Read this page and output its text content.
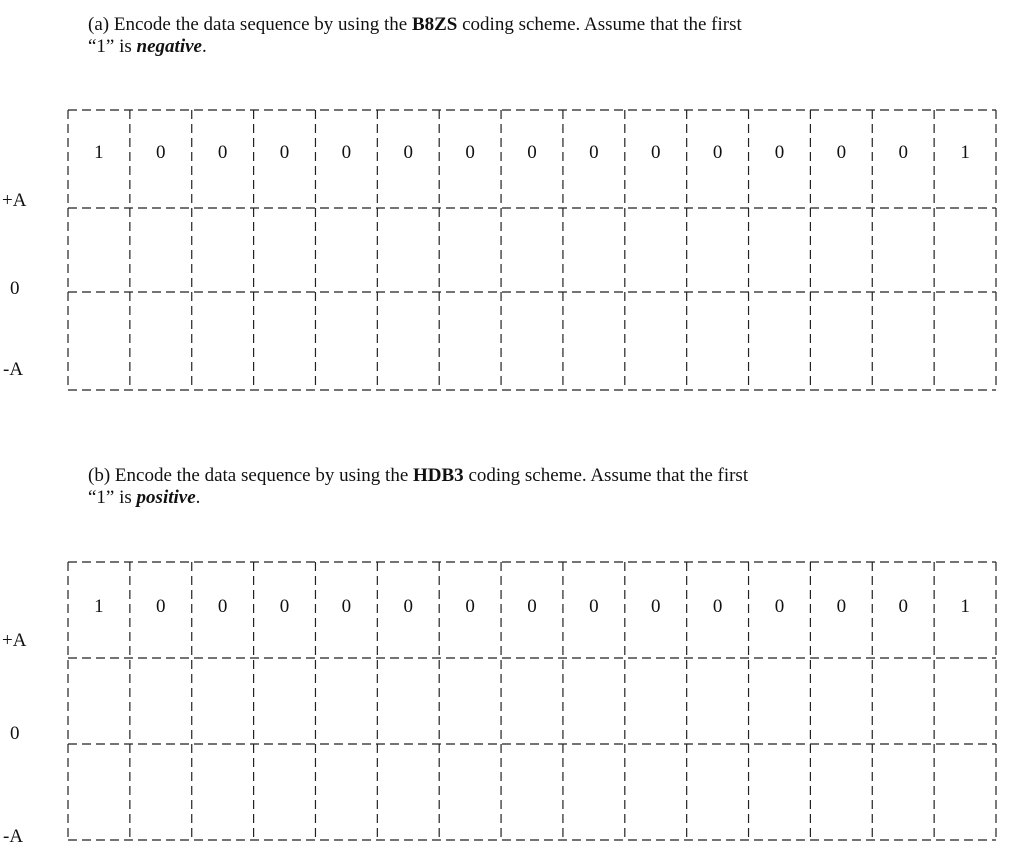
(a) Encode the data sequence by using the B8ZS coding scheme. Assume that the first
“1” is negative.
+A
0
-A
1	0	0	0	0	0	0	0	0	0	0	0	0	0	1
(b) Encode the data sequence by using the HDB3 coding scheme. Assume that the first
“1” is positive.
+A
0
-A
1	0	0	0	0	0	0	0	0	0	0	0	0	0	1
